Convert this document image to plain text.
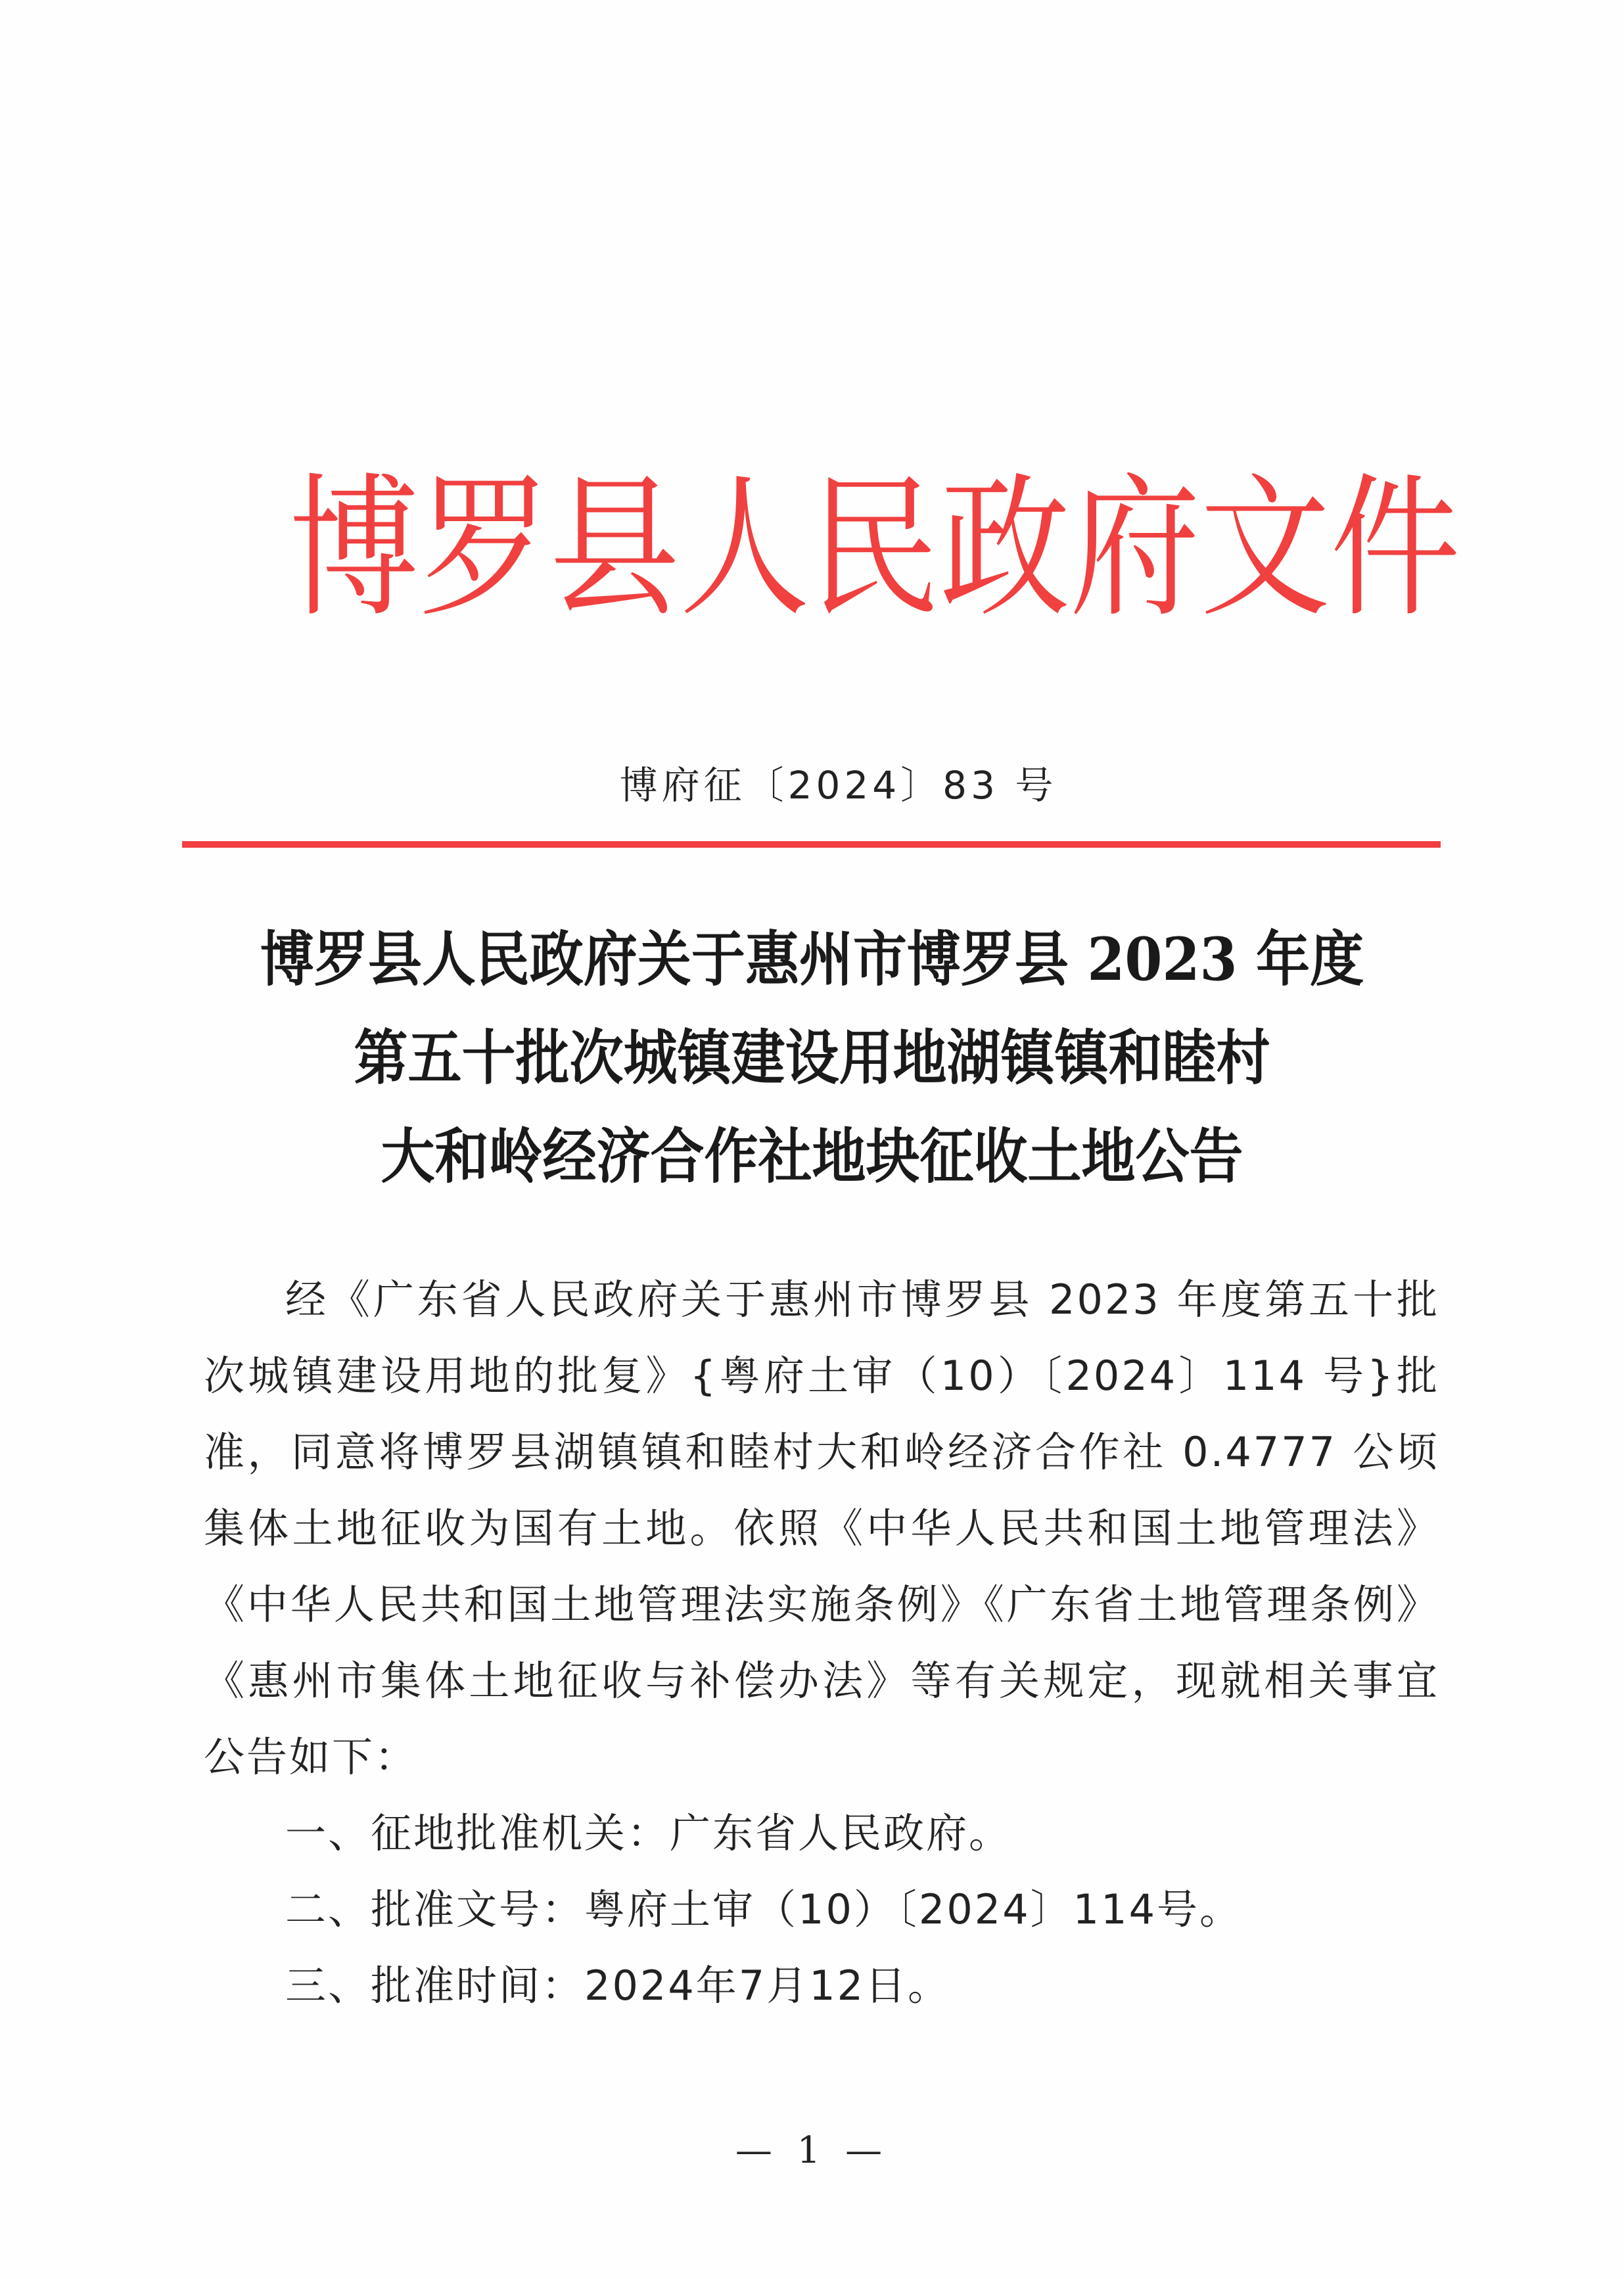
博 罗 县 人 民 政 府 文 件
博府征〔2024〕83 号
博罗县人民政府关于惠州市博罗县 2023 年度
第五十批次城镇建设用地湖镇镇和睦村
大和岭经济合作社地块征收土地公告

经《广东省人民政府关于惠州市博罗县 2023 年度第五十批次城镇建设用地的批复》{粤府土审（10）〔2024〕114 号}批准，同意将博罗县湖镇镇和睦村大和岭经济合作社 0.4777 公顷集体土地征收为国有土地。依照《中华人民共和国土地管理法》《中华人民共和国土地管理法实施条例》《广东省土地管理条例》《惠州市集体土地征收与补偿办法》等有关规定，现就相关事宜公告如下：

一、征地批准机关：广东省人民政府。
二、批准文号：粤府土审（10）〔2024〕114号。
三、批准时间：2024年7月12日。
— 1 —
